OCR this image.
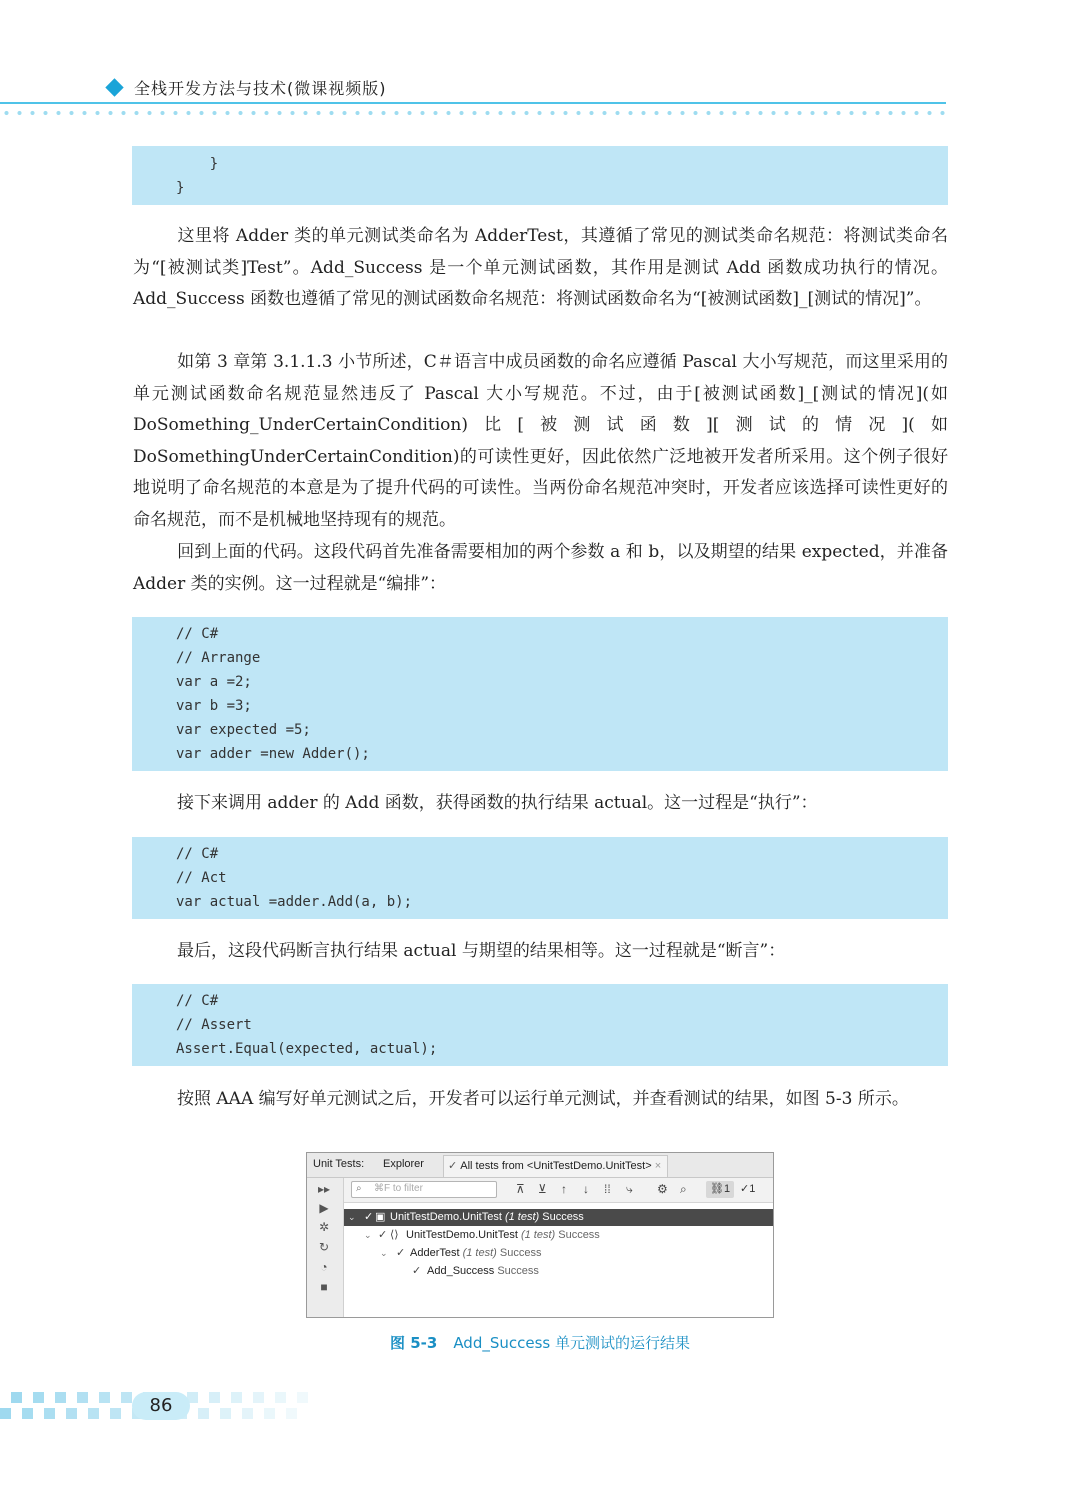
全栈开发方法与技术(微课视频版)
}
}

这里将 Adder 类的单元测试类命名为 AdderTest，其遵循了常见的测试类命名规范：将测试类命名为“[被测试类]Test”。Add_Success 是一个单元测试函数，其作用是测试 Add 函数成功执行的情况。Add_Success 函数也遵循了常见的测试函数命名规范：将测试函数命名为“[被测试函数]_[测试的情况]”。

如第 3 章第 3.1.1.3 小节所述，C＃语言中成员函数的命名应遵循 Pascal 大小写规范，而这里采用的单元测试函数命名规范显然违反了 Pascal 大小写规范。不过，由于[被测试函数]_[测试的情况](如 DoSomething_UnderCertainCondition)比[被测试函数][测试的情况](如 DoSomethingUnderCertainCondition)的可读性更好，因此依然广泛地被开发者所采用。这个例子很好地说明了命名规范的本意是为了提升代码的可读性。当两份命名规范冲突时，开发者应该选择可读性更好的命名规范，而不是机械地坚持现有的规范。

回到上面的代码。这段代码首先准备需要相加的两个参数 a 和 b，以及期望的结果 expected，并准备 Adder 类的实例。这一过程就是“编排”：

// C#
// Arrange
var a =2;
var b =3;
var expected =5;
var adder =new Adder();

接下来调用 adder 的 Add 函数，获得函数的执行结果 actual。这一过程是“执行”：

// C#
// Act
var actual =adder.Add(a, b);

最后，这段代码断言执行结果 actual 与期望的结果相等。这一过程就是“断言”：

// C#
// Assert
Assert.Equal(expected, actual);

按照 AAA 编写好单元测试之后，开发者可以运行单元测试，并查看测试的结果，如图 5-3 所示。

Unit Tests: Explorer	✓ All tests from <UnitTestDemo.UnitTest> ×
▸▸
▶
✲
↻
◔
■
⌕ ⌘F to filter	⊼ ⊻ ↑ ↓ ⁞⁞ ⤷ ⚙ ⌕	⛓1 ✓1
⌄ ✓ ▣ UnitTestDemo.UnitTest (1 test) Success
⌄ ✓ ⟨⟩ UnitTestDemo.UnitTest (1 test) Success
⌄ ✓ AdderTest (1 test) Success
✓ Add_Success Success
图 5-3 Add_Success 单元测试的运行结果
86
